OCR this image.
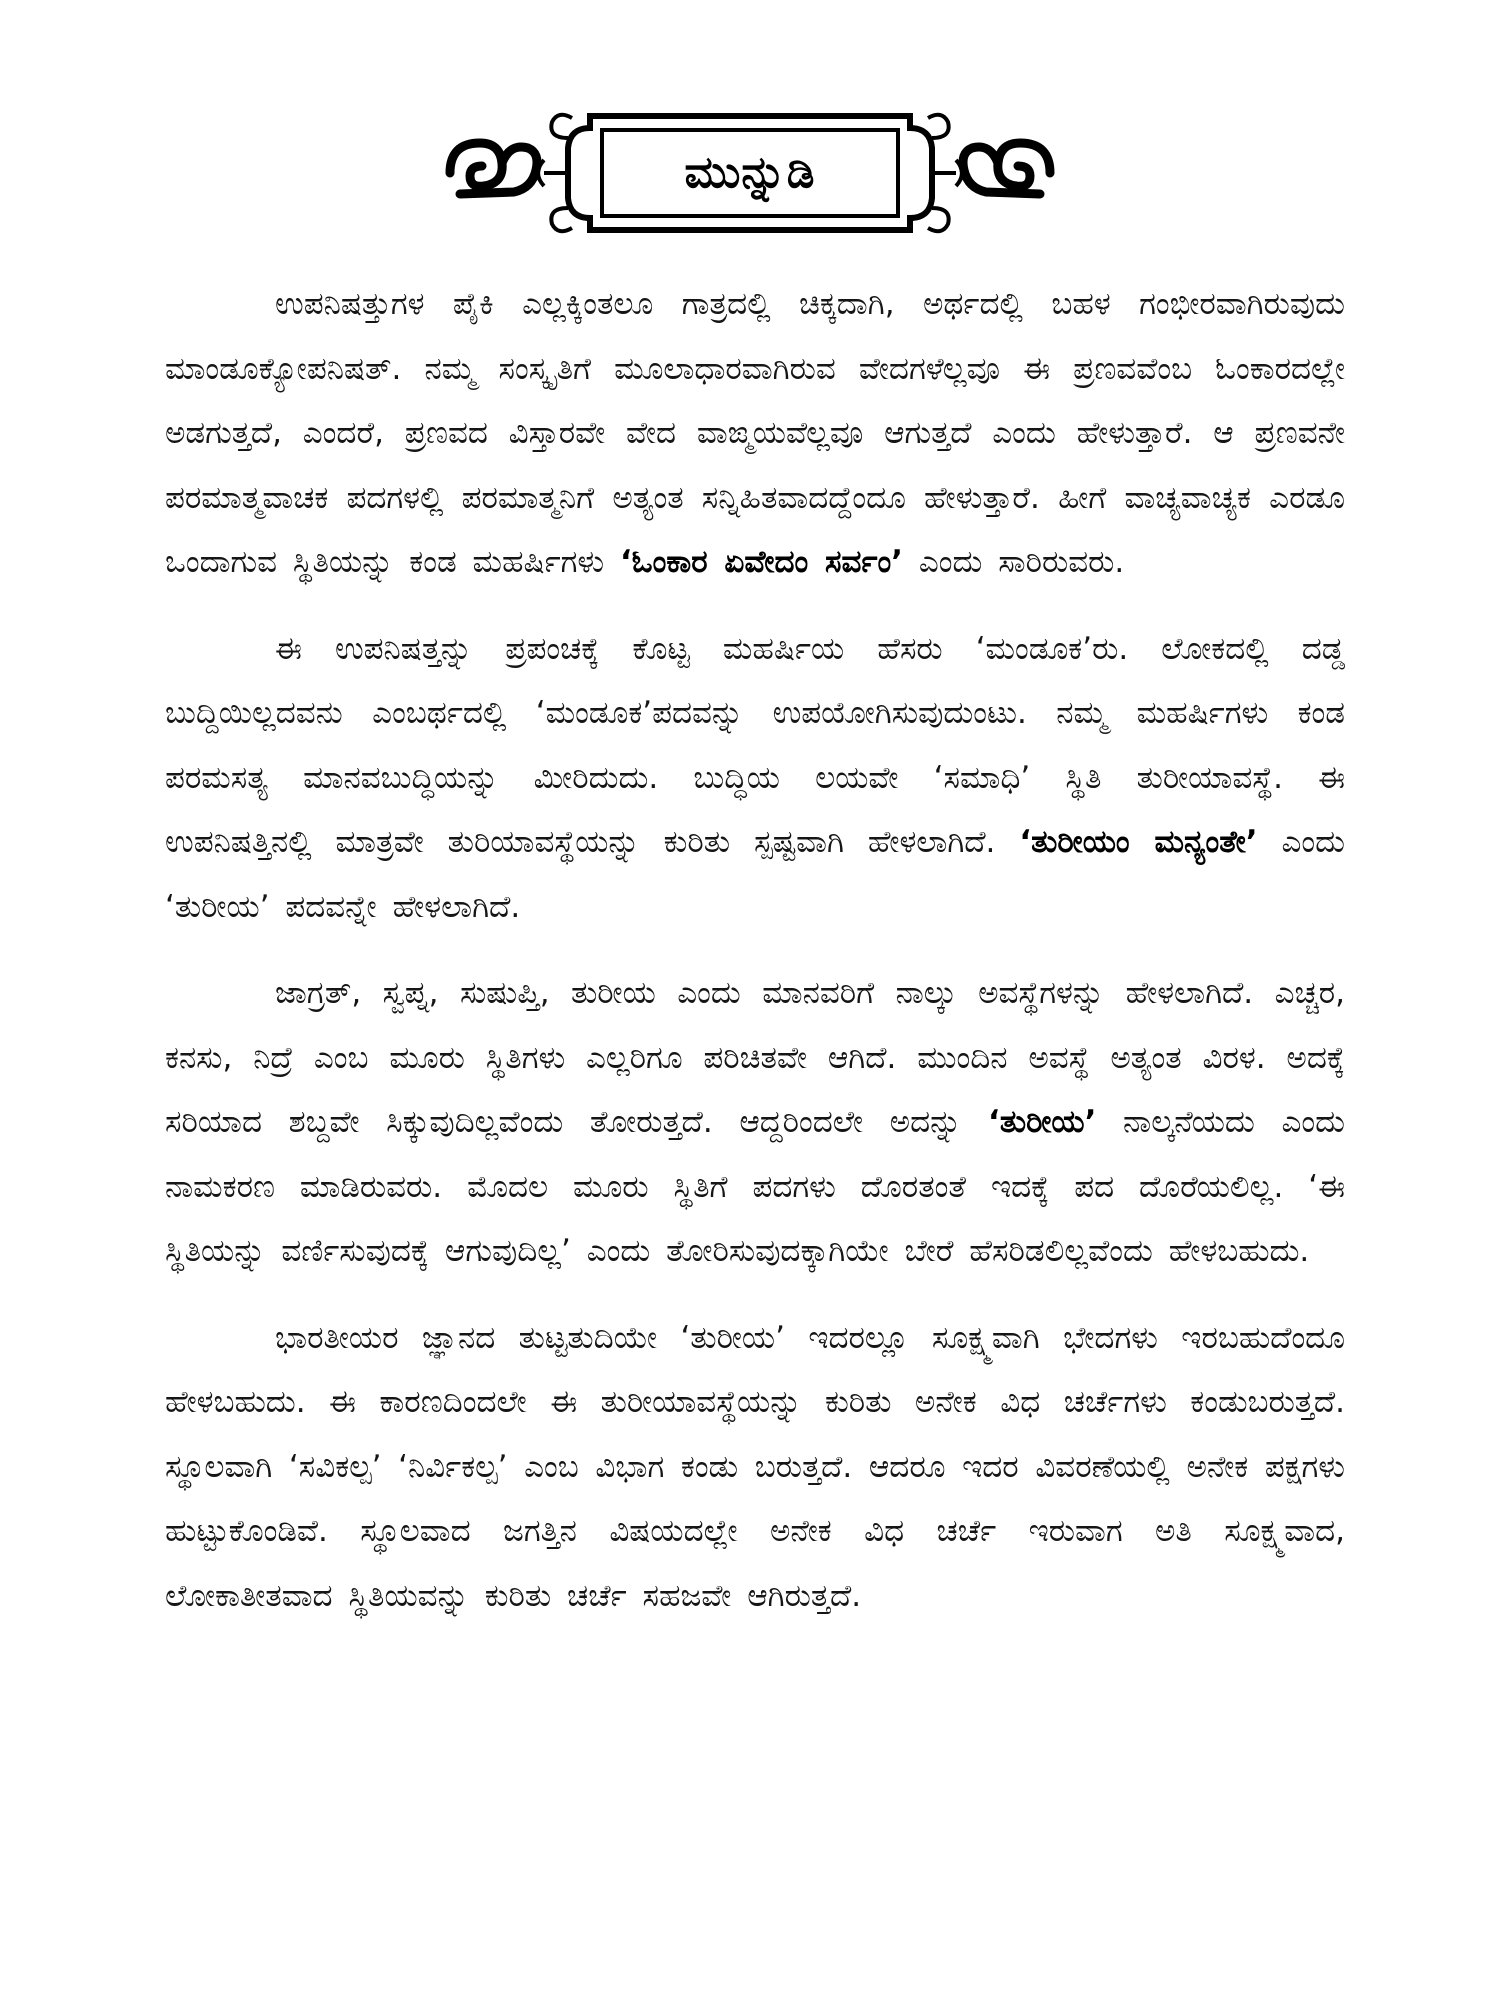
ಮುನ್ನುಡಿ

ಉಪನಿಷತ್ತುಗಳ ಪೈಕಿ ಎಲ್ಲಕ್ಕಿಂತಲೂ ಗಾತ್ರದಲ್ಲಿ ಚಿಕ್ಕದಾಗಿ, ಅರ್ಥದಲ್ಲಿ ಬಹಳ ಗಂಭೀರವಾಗಿರುವುದು ಮಾಂಡೂಕ್ಯೋಪನಿಷತ್. ನಮ್ಮ ಸಂಸ್ಕೃತಿಗೆ ಮೂಲಾಧಾರವಾಗಿರುವ ವೇದಗಳೆಲ್ಲವೂ ಈ ಪ್ರಣವವೆಂಬ ಓಂಕಾರದಲ್ಲೇ ಅಡಗುತ್ತದೆ, ಎಂದರೆ, ಪ್ರಣವದ ವಿಸ್ತಾರವೇ ವೇದ ವಾಙ್ಮಯವೆಲ್ಲವೂ ಆಗುತ್ತದೆ ಎಂದು ಹೇಳುತ್ತಾರೆ. ಆ ಪ್ರಣವನೇ ಪರಮಾತ್ಮವಾಚಕ ಪದಗಳಲ್ಲಿ ಪರಮಾತ್ಮನಿಗೆ ಅತ್ಯಂತ ಸನ್ನಿಹಿತವಾದದ್ದೆಂದೂ ಹೇಳುತ್ತಾರೆ. ಹೀಗೆ ವಾಚ್ಯವಾಚ್ಯಕ ಎರಡೂ ಒಂದಾಗುವ ಸ್ಥಿತಿಯನ್ನು ಕಂಡ ಮಹರ್ಷಿಗಳು ‘ಓಂಕಾರ ಏವೇದಂ ಸರ್ವಂ’ ಎಂದು ಸಾರಿರುವರು.

ಈ ಉಪನಿಷತ್ತನ್ನು ಪ್ರಪಂಚಕ್ಕೆ ಕೊಟ್ಟ ಮಹರ್ಷಿಯ ಹೆಸರು ‘ಮಂಡೂಕ’ರು. ಲೋಕದಲ್ಲಿ ದಡ್ಡ ಬುದ್ದಿಯಿಲ್ಲದವನು ಎಂಬರ್ಥದಲ್ಲಿ ‘ಮಂಡೂಕ’ಪದವನ್ನು ಉಪಯೋಗಿಸುವುದುಂಟು. ನಮ್ಮ ಮಹರ್ಷಿಗಳು ಕಂಡ ಪರಮಸತ್ಯ ಮಾನವಬುದ್ಧಿಯನ್ನು ಮೀರಿದುದು. ಬುದ್ಧಿಯ ಲಯವೇ ‘ಸಮಾಧಿ’ ಸ್ಥಿತಿ ತುರೀಯಾವಸ್ಥೆ. ಈ ಉಪನಿಷತ್ತಿನಲ್ಲಿ ಮಾತ್ರವೇ ತುರಿಯಾವಸ್ಥೆಯನ್ನು ಕುರಿತು ಸ್ಪಷ್ಟವಾಗಿ ಹೇಳಲಾಗಿದೆ. ‘ತುರೀಯಂ ಮನ್ಯಂತೇ’ ಎಂದು ‘ತುರೀಯ’ ಪದವನ್ನೇ ಹೇಳಲಾಗಿದೆ.

ಜಾಗ್ರತ್, ಸ್ವಪ್ನ, ಸುಷುಪ್ತಿ, ತುರೀಯ ಎಂದು ಮಾನವರಿಗೆ ನಾಲ್ಕು ಅವಸ್ಥೆಗಳನ್ನು ಹೇಳಲಾಗಿದೆ. ಎಚ್ಚರ, ಕನಸು, ನಿದ್ರೆ ಎಂಬ ಮೂರು ಸ್ಥಿತಿಗಳು ಎಲ್ಲರಿಗೂ ಪರಿಚಿತವೇ ಆಗಿದೆ. ಮುಂದಿನ ಅವಸ್ಥೆ ಅತ್ಯಂತ ವಿರಳ. ಅದಕ್ಕೆ ಸರಿಯಾದ ಶಬ್ದವೇ ಸಿಕ್ಕುವುದಿಲ್ಲವೆಂದು ತೋರುತ್ತದೆ. ಆದ್ದರಿಂದಲೇ ಅದನ್ನು ‘ತುರೀಯ’ ನಾಲ್ಕನೆಯದು ಎಂದು ನಾಮಕರಣ ಮಾಡಿರುವರು. ಮೊದಲ ಮೂರು ಸ್ಥಿತಿಗೆ ಪದಗಳು ದೊರತಂತೆ ಇದಕ್ಕೆ ಪದ ದೊರೆಯಲಿಲ್ಲ. ‘ಈ ಸ್ಥಿತಿಯನ್ನು ವರ್ಣಿಸುವುದಕ್ಕೆ ಆಗುವುದಿಲ್ಲ’ ಎಂದು ತೋರಿಸುವುದಕ್ಕಾಗಿಯೇ ಬೇರೆ ಹೆಸರಿಡಲಿಲ್ಲವೆಂದು ಹೇಳಬಹುದು.

ಭಾರತೀಯರ ಜ್ಞಾನದ ತುಟ್ಟತುದಿಯೇ ‘ತುರೀಯ’ ಇದರಲ್ಲೂ ಸೂಕ್ಷ್ಮವಾಗಿ ಭೇದಗಳು ಇರಬಹುದೆಂದೂ ಹೇಳಬಹುದು. ಈ ಕಾರಣದಿಂದಲೇ ಈ ತುರೀಯಾವಸ್ಥೆಯನ್ನು ಕುರಿತು ಅನೇಕ ವಿಧ ಚರ್ಚೆಗಳು ಕಂಡುಬರುತ್ತದೆ. ಸ್ಥೂಲವಾಗಿ ‘ಸವಿಕಲ್ಪ’ ‘ನಿರ್ವಿಕಲ್ಪ’ ಎಂಬ ವಿಭಾಗ ಕಂಡು ಬರುತ್ತದೆ. ಆದರೂ ಇದರ ವಿವರಣೆಯಲ್ಲಿ ಅನೇಕ ಪಕ್ಷಗಳು ಹುಟ್ಟುಕೊಂಡಿವೆ. ಸ್ಥೂಲವಾದ ಜಗತ್ತಿನ ವಿಷಯದಲ್ಲೇ ಅನೇಕ ವಿಧ ಚರ್ಚೆ ಇರುವಾಗ ಅತಿ ಸೂಕ್ಷ್ಮವಾದ, ಲೋಕಾತೀತವಾದ ಸ್ಥಿತಿಯವನ್ನು ಕುರಿತು ಚರ್ಚೆ ಸಹಜವೇ ಆಗಿರುತ್ತದೆ.
